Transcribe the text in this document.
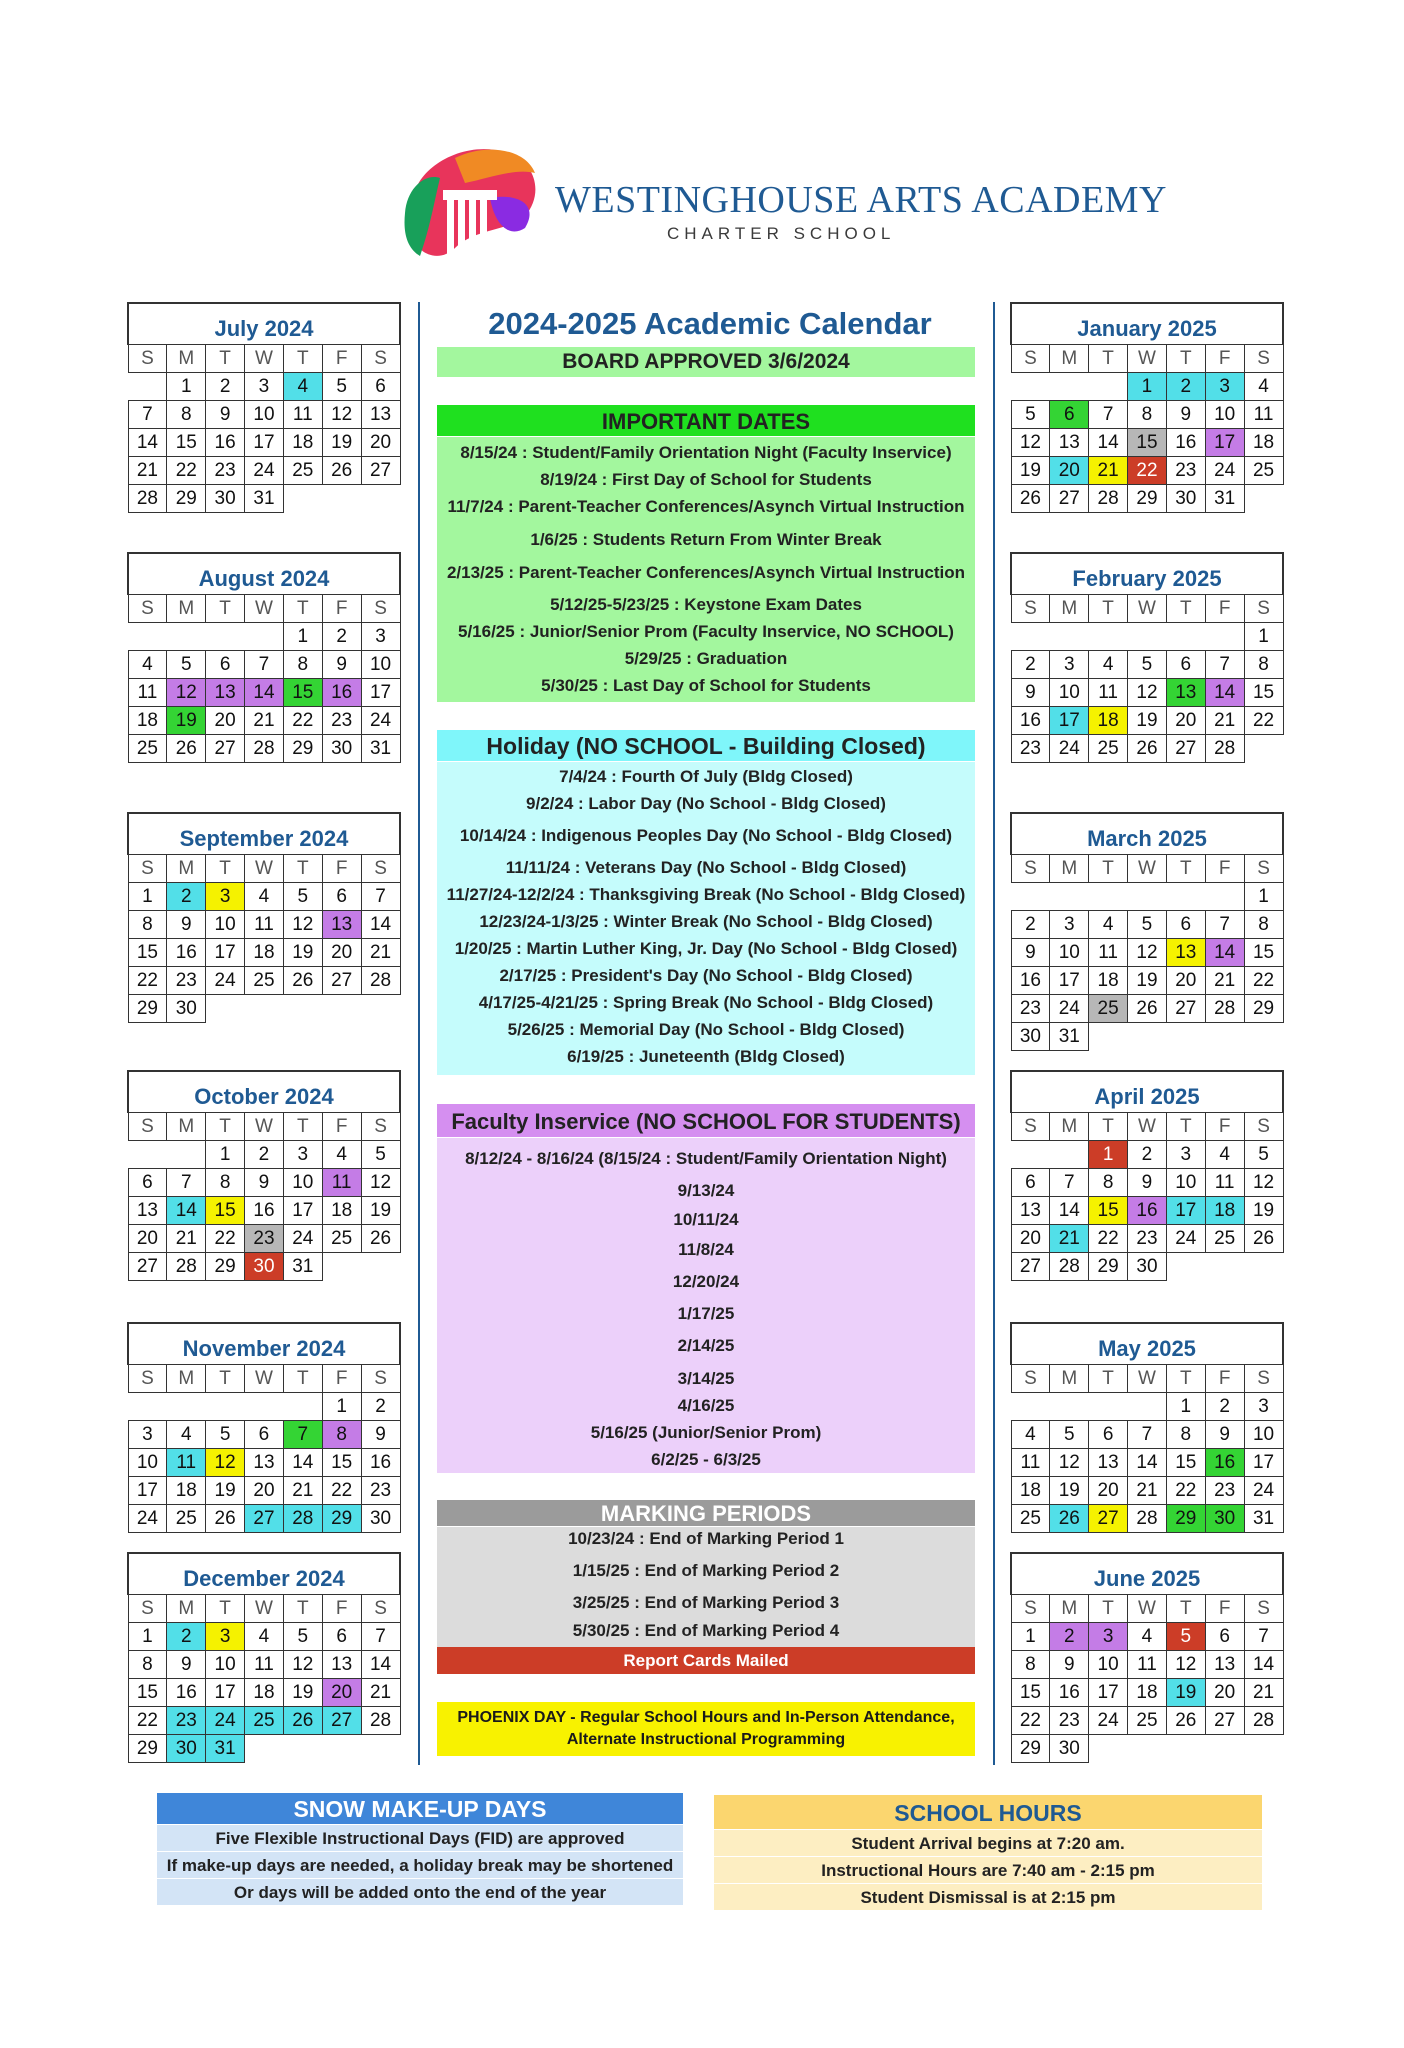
WESTINGHOUSE ARTS ACADEMY
CHARTER SCHOOL
July 2024						
S	M	T	W	T	F	S
	1	2	3	4	5	6
7	8	9	10	11	12	13
14	15	16	17	18	19	20
21	22	23	24	25	26	27
28	29	30	31			
August 2024						
S	M	T	W	T	F	S
				1	2	3
4	5	6	7	8	9	10
11	12	13	14	15	16	17
18	19	20	21	22	23	24
25	26	27	28	29	30	31
September 2024						
S	M	T	W	T	F	S
1	2	3	4	5	6	7
8	9	10	11	12	13	14
15	16	17	18	19	20	21
22	23	24	25	26	27	28
29	30					
October 2024						
S	M	T	W	T	F	S
		1	2	3	4	5
6	7	8	9	10	11	12
13	14	15	16	17	18	19
20	21	22	23	24	25	26
27	28	29	30	31		
November 2024						
S	M	T	W	T	F	S
					1	2
3	4	5	6	7	8	9
10	11	12	13	14	15	16
17	18	19	20	21	22	23
24	25	26	27	28	29	30
December 2024						
S	M	T	W	T	F	S
1	2	3	4	5	6	7
8	9	10	11	12	13	14
15	16	17	18	19	20	21
22	23	24	25	26	27	28
29	30	31				
January 2025						
S	M	T	W	T	F	S
			1	2	3	4
5	6	7	8	9	10	11
12	13	14	15	16	17	18
19	20	21	22	23	24	25
26	27	28	29	30	31	
February 2025						
S	M	T	W	T	F	S
						1
2	3	4	5	6	7	8
9	10	11	12	13	14	15
16	17	18	19	20	21	22
23	24	25	26	27	28	
March 2025						
S	M	T	W	T	F	S
						1
2	3	4	5	6	7	8
9	10	11	12	13	14	15
16	17	18	19	20	21	22
23	24	25	26	27	28	29
30	31					
April 2025						
S	M	T	W	T	F	S
		1	2	3	4	5
6	7	8	9	10	11	12
13	14	15	16	17	18	19
20	21	22	23	24	25	26
27	28	29	30			
May 2025						
S	M	T	W	T	F	S
				1	2	3
4	5	6	7	8	9	10
11	12	13	14	15	16	17
18	19	20	21	22	23	24
25	26	27	28	29	30	31
June 2025						
S	M	T	W	T	F	S
1	2	3	4	5	6	7
8	9	10	11	12	13	14
15	16	17	18	19	20	21
22	23	24	25	26	27	28
29	30					
2024-2025 Academic Calendar
BOARD APPROVED 3/6/2024
IMPORTANT DATES
8/15/24 : Student/Family Orientation Night (Faculty Inservice)
8/19/24 : First Day of School for Students
11/7/24 : Parent-Teacher Conferences/Asynch Virtual Instruction
1/6/25 : Students Return From Winter Break
2/13/25 : Parent-Teacher Conferences/Asynch Virtual Instruction
5/12/25-5/23/25 : Keystone Exam Dates
5/16/25 : Junior/Senior Prom (Faculty Inservice, NO SCHOOL)
5/29/25 : Graduation
5/30/25 : Last Day of School for Students
Holiday (NO SCHOOL - Building Closed)
7/4/24 : Fourth Of July (Bldg Closed)
9/2/24 : Labor Day (No School - Bldg Closed)
10/14/24 : Indigenous Peoples Day (No School - Bldg Closed)
11/11/24 : Veterans Day (No School - Bldg Closed)
11/27/24-12/2/24 : Thanksgiving Break (No School - Bldg Closed)
12/23/24-1/3/25 : Winter Break (No School - Bldg Closed)
1/20/25 : Martin Luther King, Jr. Day (No School - Bldg Closed)
2/17/25 : President's Day (No School - Bldg Closed)
4/17/25-4/21/25 : Spring Break (No School - Bldg Closed)
5/26/25 : Memorial Day (No School - Bldg Closed)
6/19/25 : Juneteenth (Bldg Closed)
Faculty Inservice (NO SCHOOL FOR STUDENTS)
8/12/24 - 8/16/24 (8/15/24 : Student/Family Orientation Night)
9/13/24
10/11/24
11/8/24
12/20/24
1/17/25
2/14/25
3/14/25
4/16/25
5/16/25 (Junior/Senior Prom)
6/2/25 - 6/3/25
MARKING PERIODS
10/23/24 : End of Marking Period 1
1/15/25 : End of Marking Period 2
3/25/25 : End of Marking Period 3
5/30/25 : End of Marking Period 4
Report Cards Mailed
PHOENIX DAY - Regular School Hours and In-Person Attendance,
Alternate Instructional Programming
SNOW MAKE-UP DAYS
Five Flexible Instructional Days (FID) are approved
If make-up days are needed, a holiday break may be shortened
Or days will be added onto the end of the year
SCHOOL HOURS
Student Arrival begins at 7:20 am.
Instructional Hours are 7:40 am - 2:15 pm
Student Dismissal is at 2:15 pm
